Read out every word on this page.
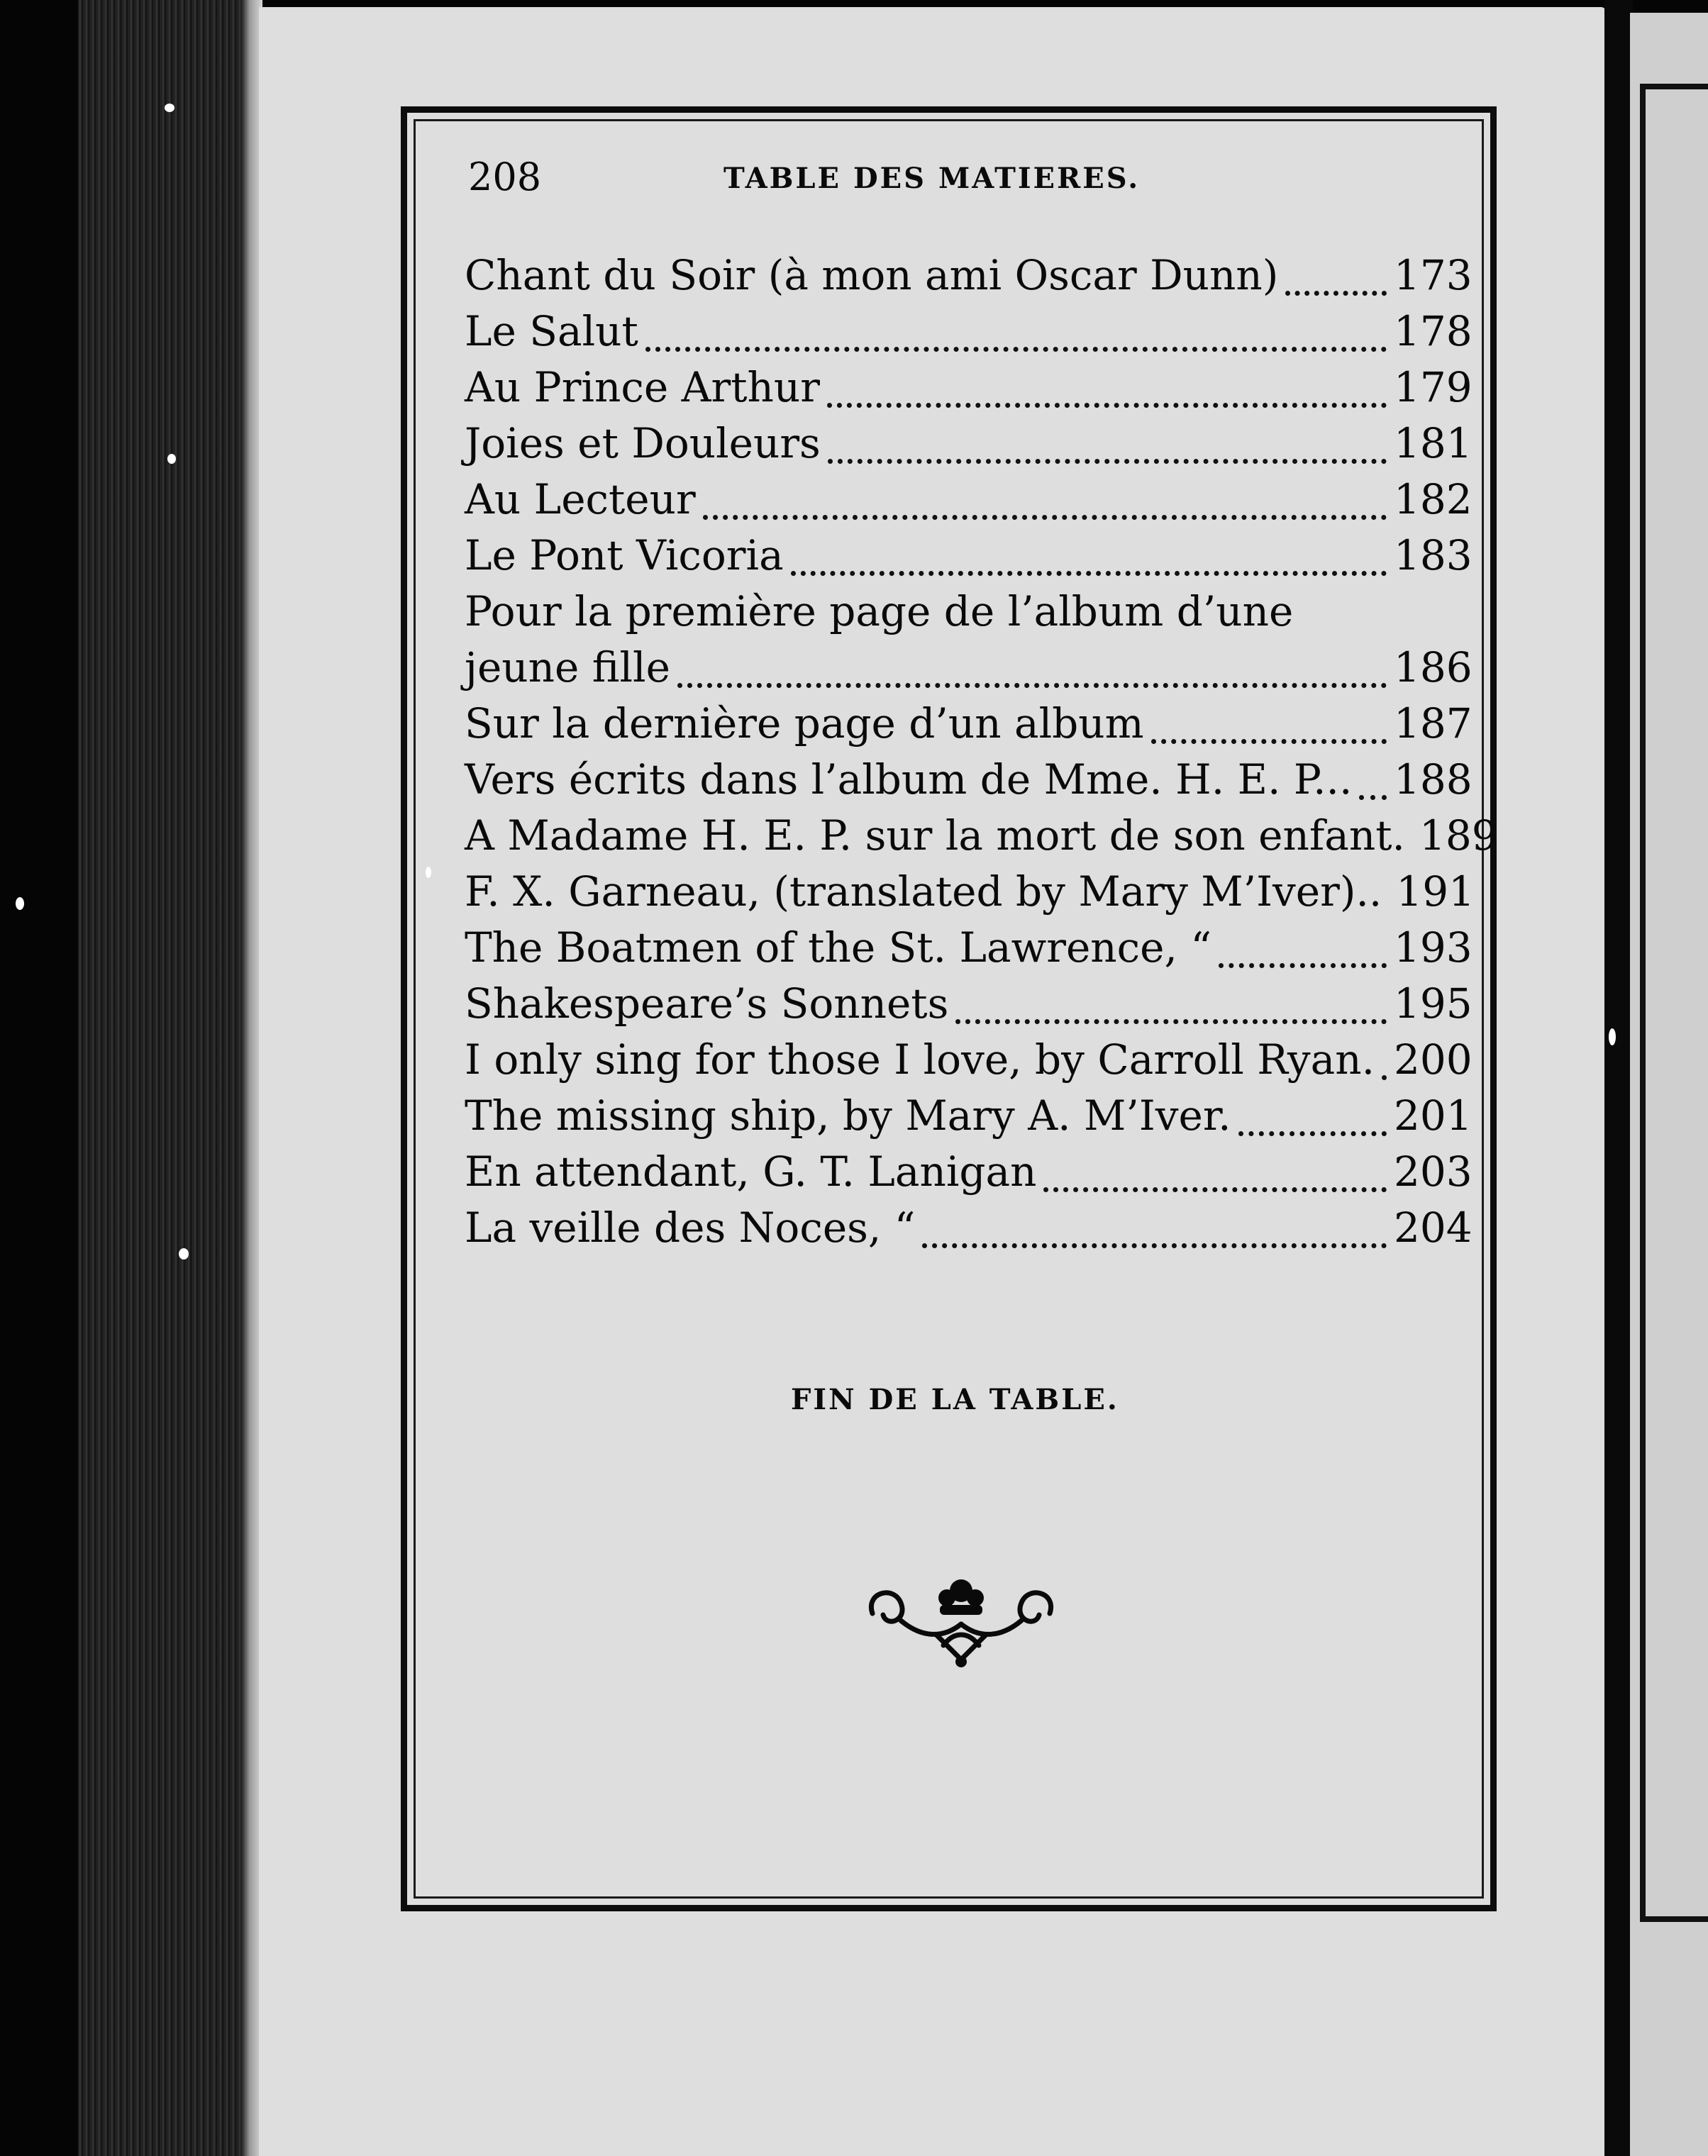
208	TABLE DES MATIERES.
Chant du Soir (à mon ami Oscar Dunn)	173
Le Salut	178
Au Prince Arthur	179
Joies et Douleurs	181
Au Lecteur	182
Le Pont Vicoria	183
Pour la première page de l’album d’une
jeune fille	186
Sur la dernière page d’un album	187
Vers écrits dans l’album de Mme. H. E. P... 188
A Madame H. E. P. sur la mort de son enfant. 189
F. X. Garneau, (translated by Mary M’Iver).. 191
The Boatmen of the St. Lawrence, “	193
Shakespeare’s Sonnets	195
I only sing for those I love, by Carroll Ryan. 200
The missing ship, by Mary A. M’Iver.	201
En attendant, G. T. Lanigan	203
La veille des Noces, “	204
FIN DE LA TABLE.
